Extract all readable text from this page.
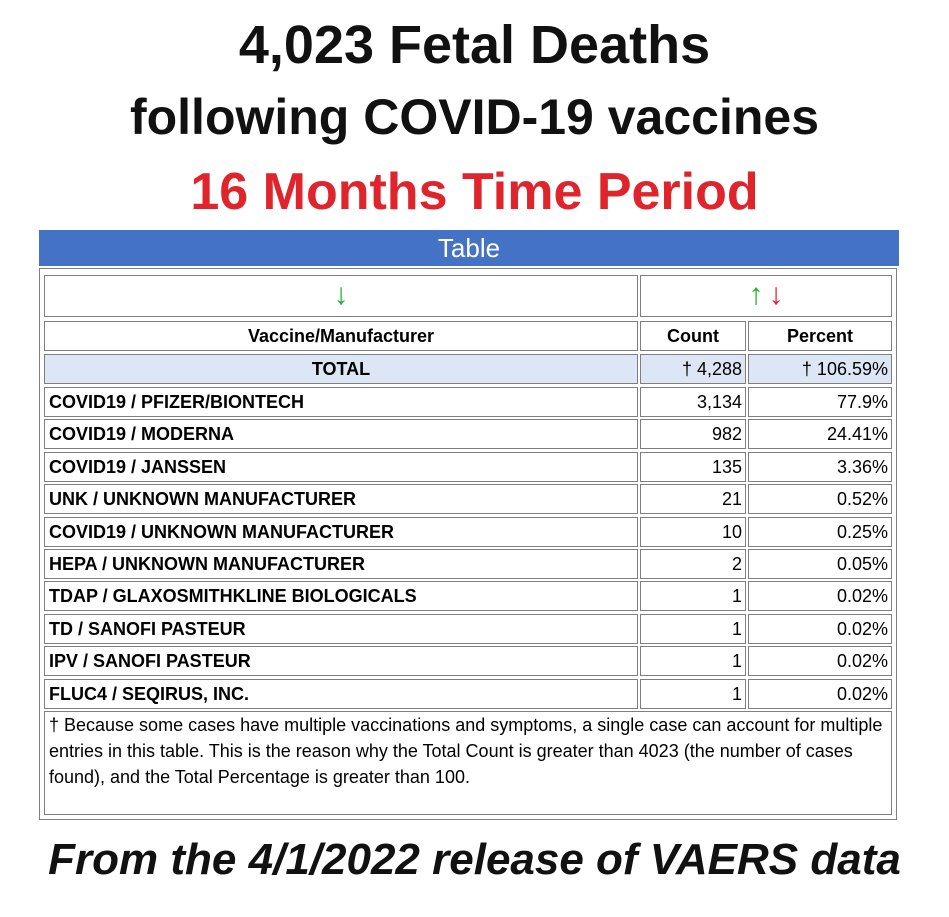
4,023 Fetal Deaths
following COVID-19 vaccines
16 Months Time Period
Table
↓	↑ ↓
Vaccine/Manufacturer	Count	Percent
TOTAL	† 4,288	† 106.59%
COVID19 / PFIZER/BIONTECH	3,134	77.9%
COVID19 / MODERNA	982	24.41%
COVID19 / JANSSEN	135	3.36%
UNK / UNKNOWN MANUFACTURER	21	0.52%
COVID19 / UNKNOWN MANUFACTURER	10	0.25%
HEPA / UNKNOWN MANUFACTURER	2	0.05%
TDAP / GLAXOSMITHKLINE BIOLOGICALS	1	0.02%
TD / SANOFI PASTEUR	1	0.02%
IPV / SANOFI PASTEUR	1	0.02%
FLUC4 / SEQIRUS, INC.	1	0.02%
† Because some cases have multiple vaccinations and symptoms, a single case can account for multiple entries in this table. This is the reason why the Total Count is greater than 4023 (the number of cases found), and the Total Percentage is greater than 100.
From the 4/1/2022 release of VAERS data
